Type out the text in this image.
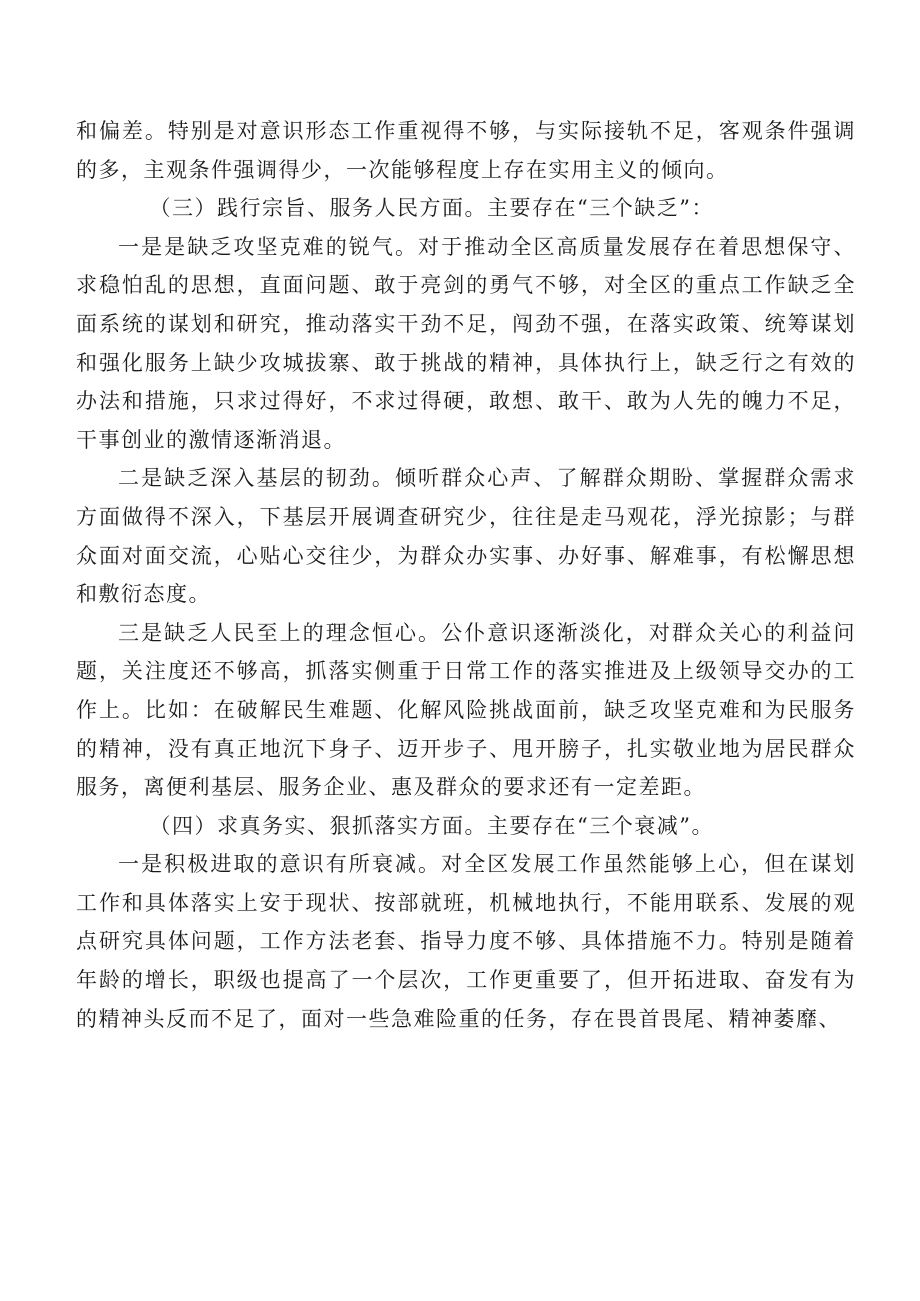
和偏差。特别是对意识形态工作重视得不够，与实际接轨不足，客观条件强调的多，主观条件强调得少，一次能够程度上存在实用主义的倾向。

（三）践行宗旨、服务人民方面。主要存在“三个缺乏”：

一是是缺乏攻坚克难的锐气。对于推动全区高质量发展存在着思想保守、求稳怕乱的思想，直面问题、敢于亮剑的勇气不够，对全区的重点工作缺乏全面系统的谋划和研究，推动落实干劲不足，闯劲不强，在落实政策、统筹谋划和强化服务上缺少攻城拔寨、敢于挑战的精神，具体执行上，缺乏行之有效的办法和措施，只求过得好，不求过得硬，敢想、敢干、敢为人先的魄力不足，干事创业的激情逐渐消退。

二是缺乏深入基层的韧劲。倾听群众心声、了解群众期盼、掌握群众需求方面做得不深入，下基层开展调查研究少，往往是走马观花，浮光掠影；与群众面对面交流，心贴心交往少，为群众办实事、办好事、解难事，有松懈思想和敷衍态度。

三是缺乏人民至上的理念恒心。公仆意识逐渐淡化，对群众关心的利益问题，关注度还不够高，抓落实侧重于日常工作的落实推进及上级领导交办的工作上。比如：在破解民生难题、化解风险挑战面前，缺乏攻坚克难和为民服务的精神，没有真正地沉下身子、迈开步子、甩开膀子，扎实敬业地为居民群众服务，离便利基层、服务企业、惠及群众的要求还有一定差距。

（四）求真务实、狠抓落实方面。主要存在“三个衰减”。

一是积极进取的意识有所衰减。对全区发展工作虽然能够上心，但在谋划工作和具体落实上安于现状、按部就班，机械地执行，不能用联系、发展的观点研究具体问题，工作方法老套、指导力度不够、具体措施不力。特别是随着年龄的增长，职级也提高了一个层次，工作更重要了，但开拓进取、奋发有为的精神头反而不足了，面对一些急难险重的任务，存在畏首畏尾、精神萎靡、
